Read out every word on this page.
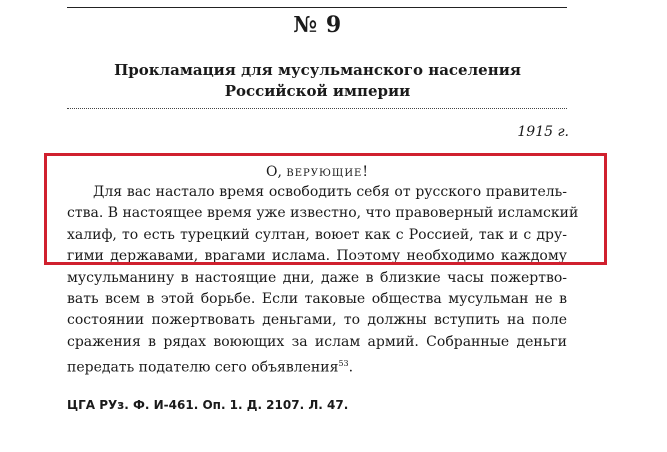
№ 9
Прокламация для мусульманского населения
Российской империи
1915 г.
О, верующие!
Для вас настало время освободить себя от русского правитель-
ства. В настоящее время уже известно, что правоверный исламский
халиф, то есть турецкий султан, воюет как с Россией, так и с дру-
гими державами, врагами ислама. Поэтому необходимо каждому
мусульманину в настоящие дни, даже в близкие часы пожертво-
вать всем в этой борьбе. Если таковые общества мусульман не в
состоянии пожертвовать деньгами, то должны вступить на поле
сражения в рядах воюющих за ислам армий. Собранные деньги
передать подателю сего объявления$^{53}$.
ЦГА РУз. Ф. И-461. Оп. 1. Д. 2107. Л. 47.
